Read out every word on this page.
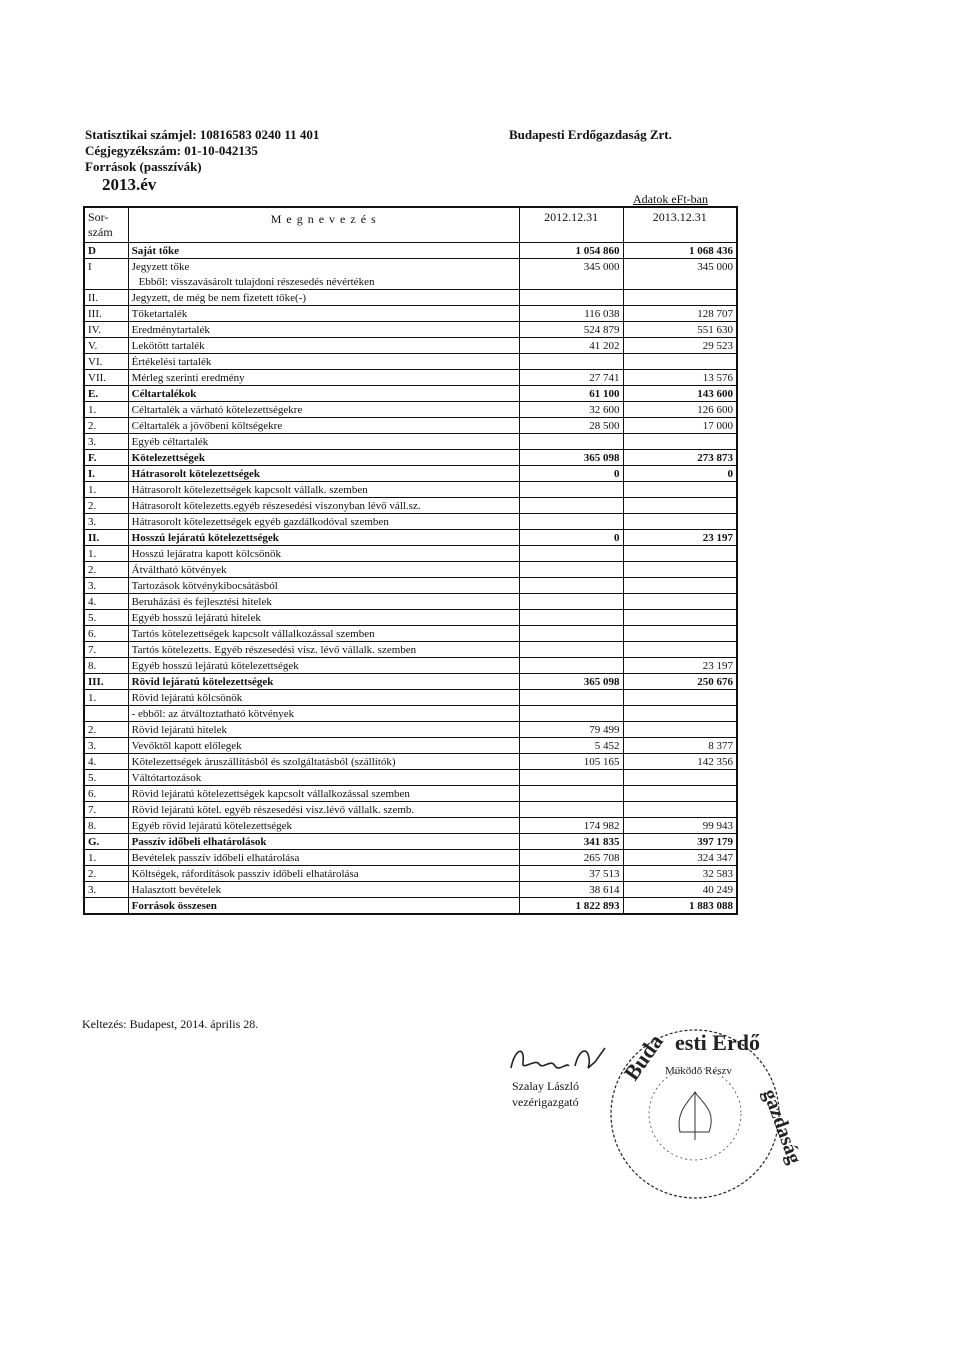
Statisztikai számjel: 10816583 0240 11 401
Cégjegyzékszám: 01-10-042135
Források (passzívák)
Budapesti Erdőgazdaság Zrt.
2013.év
Adatok eFt-ban
Sor-szám	M e g n e v e z é s	2012.12.31	2013.12.31
D	Saját tőke	1 054 860	1 068 436
I	Jegyzett tőke	345 000	345 000
	Ebből: visszavásárolt tulajdoni részesedés névértéken		
II.	Jegyzett, de még be nem fizetett tőke(-)		
III.	Tőketartalék	116 038	128 707
IV.	Eredménytartalék	524 879	551 630
V.	Lekötött tartalék	41 202	29 523
VI.	Értékelési tartalék		
VII.	Mérleg szerinti eredmény	27 741	13 576
E.	Céltartalékok	61 100	143 600
1.	Céltartalék a várható kötelezettségekre	32 600	126 600
2.	Céltartalék a jövőbeni költségekre	28 500	17 000
3.	Egyéb céltartalék		
F.	Kötelezettségek	365 098	273 873
I.	Hátrasorolt kötelezettségek	0	0
1.	Hátrasorolt kötelezettségek kapcsolt vállalk. szemben		
2.	Hátrasorolt kötelezetts.egyéb részesedési viszonyban lévő váll.sz.		
3.	Hátrasorolt kötelezettségek egyéb gazdálkodóval szemben		
II.	Hosszú lejáratú kötelezettségek	0	23 197
1.	Hosszú lejáratra kapott kölcsönök		
2.	Átváltható kötvények		
3.	Tartozások kötvénykibocsátásból		
4.	Beruházási és fejlesztési hitelek		
5.	Egyéb hosszú lejáratú hitelek		
6.	Tartós kötelezettségek kapcsolt vállalkozással szemben		
7.	Tartós kötelezetts. Egyéb részesedési visz. lévő vállalk. szemben		
8.	Egyéb hosszú lejáratú kötelezettségek		23 197
III.	Rövid lejáratú kötelezettségek	365 098	250 676
1.	Rövid lejáratú kölcsönök		
	- ebből: az átváltoztatható kötvények		
2.	Rövid lejáratú hitelek	79 499	
3.	Vevőktől kapott előlegek	5 452	8 377
4.	Kötelezettségek áruszállításból és szolgáltatásból (szállítók)	105 165	142 356
5.	Váltótartozások		
6.	Rövid lejáratú kötelezettségek kapcsolt vállalkozással szemben		
7.	Rövid lejáratú kötel. egyéb részesedési visz.lévő vállalk. szemb.		
8.	Egyéb rövid lejáratú kötelezettségek	174 982	99 943
G.	Passzív időbeli elhatárolások	341 835	397 179
1.	Bevételek passzív időbeli elhatárolása	265 708	324 347
2.	Költségek, ráfordítások passzív időbeli elhatárolása	37 513	32 583
3.	Halasztott bevételek	38 614	40 249
	Források összesen	1 822 893	1 883 088
Keltezés: Budapest, 2014. április 28.
Szalay László
vezérigazgató
Buda esti Erdő
gazdaság
Működő Részv
